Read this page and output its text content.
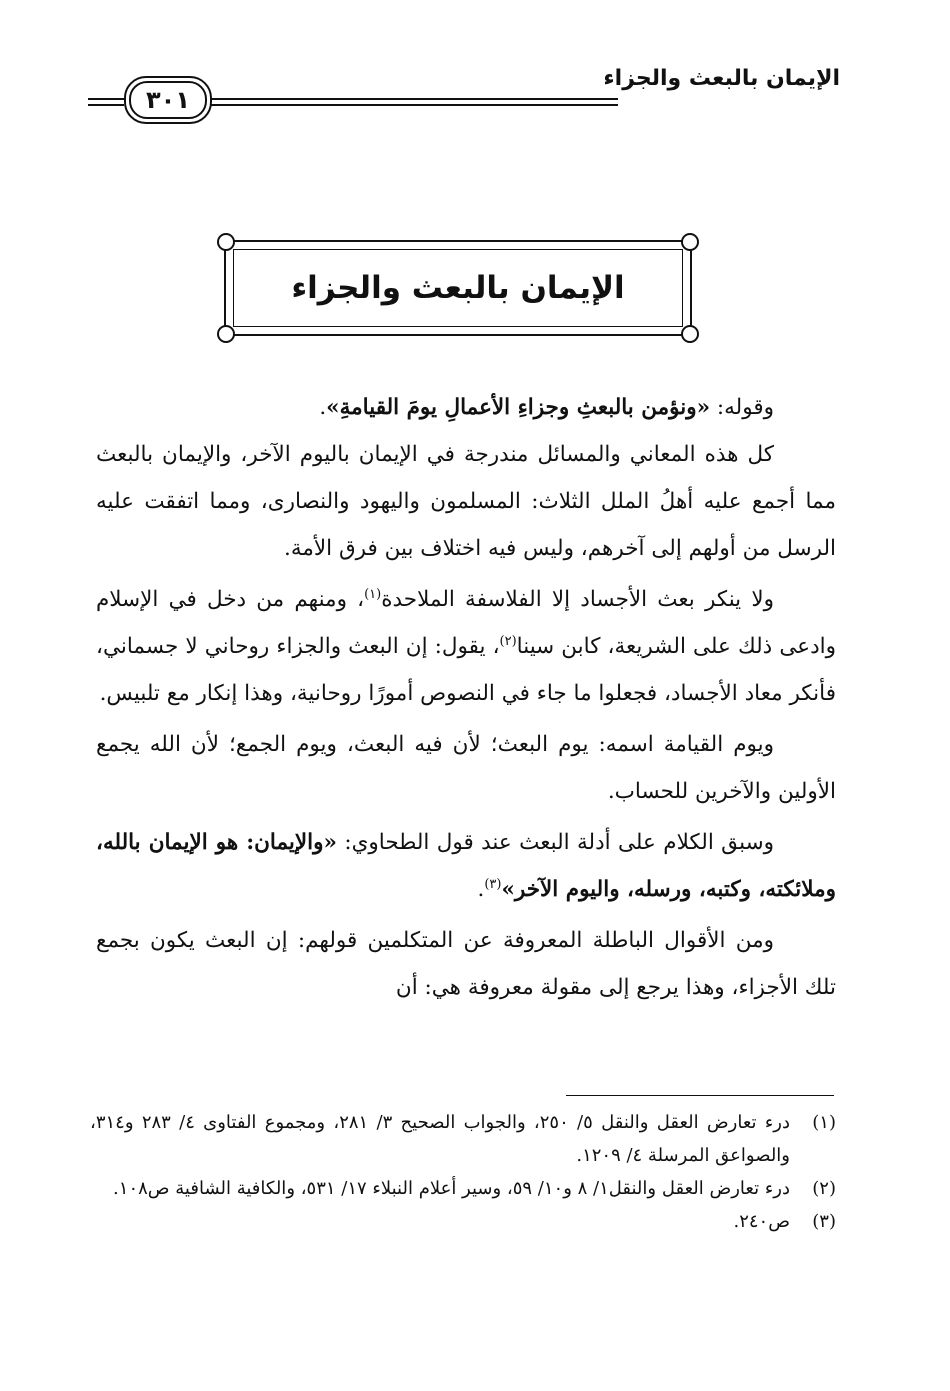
الإيمان بالبعث والجزاء
٣٠١
الإيمان بالبعث والجزاء

وقوله: «ونؤمن بالبعثِ وجزاءِ الأعمالِ يومَ القيامةِ».

كل هذه المعاني والمسائل مندرجة في الإيمان باليوم الآخر، والإيمان بالبعث مما أجمع عليه أهلُ الملل الثلاث: المسلمون واليهود والنصارى، ومما اتفقت عليه الرسل من أولهم إلى آخرهم، وليس فيه اختلاف بين فرق الأمة.

ولا ينكر بعث الأجساد إلا الفلاسفة الملاحدة$^{(١)}$، ومنهم من دخل في الإسلام وادعى ذلك على الشريعة، كابن سينا$^{(٢)}$، يقول: إن البعث والجزاء روحاني لا جسماني، فأنكر معاد الأجساد، فجعلوا ما جاء في النصوص أمورًا روحانية، وهذا إنكار مع تلبيس.

ويوم القيامة اسمه: يوم البعث؛ لأن فيه البعث، ويوم الجمع؛ لأن الله يجمع الأولين والآخرين للحساب.

وسبق الكلام على أدلة البعث عند قول الطحاوي: «والإيمان: هو الإيمان بالله، وملائكته، وكتبه، ورسله، واليوم الآخر»$^{(٣)}$.

ومن الأقوال الباطلة المعروفة عن المتكلمين قولهم: إن البعث يكون بجمع تلك الأجزاء، وهذا يرجع إلى مقولة معروفة هي: أن

(١)
درء تعارض العقل والنقل ٥/ ٢٥٠، والجواب الصحيح ٣/ ٢٨١، ومجموع الفتاوى ٤/ ٢٨٣ و٣١٤، والصواعق المرسلة ٤/ ١٢٠٩.
(٢)
درء تعارض العقل والنقل١/ ٨ و١٠/ ٥٩، وسير أعلام النبلاء ١٧/ ٥٣١، والكافية الشافية ص١٠٨.
(٣)
ص٢٤٠.
